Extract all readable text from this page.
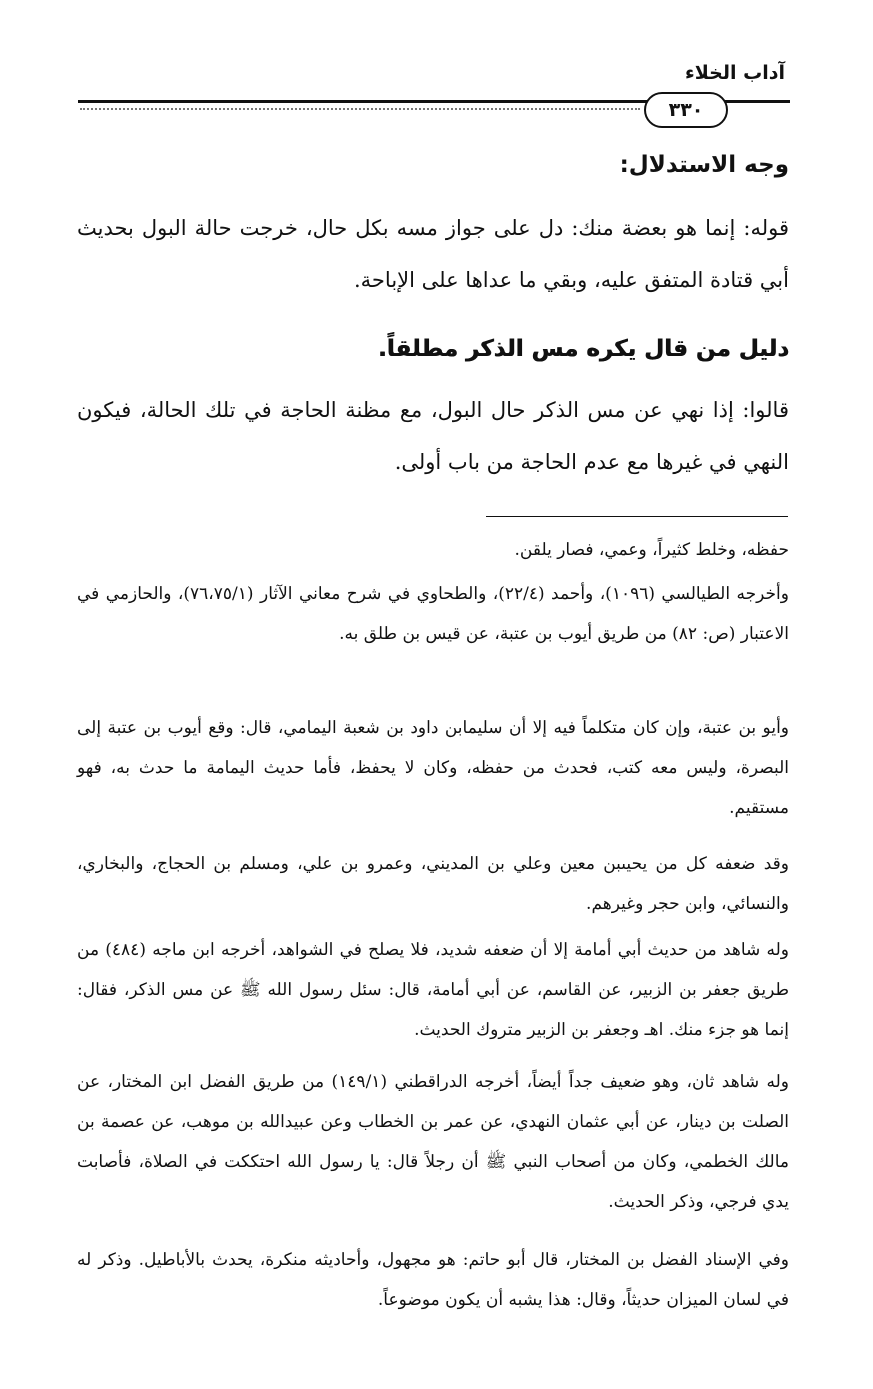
آداب الخلاء
٣٣٠
وجه الاستدلال:
قوله: إنما هو بعضة منك: دل على جواز مسه بكل حال، خرجت حالة البول بحديث أبي قتادة المتفق عليه، وبقي ما عداها على الإباحة.
دليل من قال يكره مس الذكر مطلقاً.
قالوا: إذا نهي عن مس الذكر حال البول، مع مظنة الحاجة في تلك الحالة، فيكون النهي في غيرها مع عدم الحاجة من باب أولى.
حفظه، وخلط كثيراً، وعمي، فصار يلقن.
وأخرجه الطيالسي (١٠٩٦)، وأحمد (٢٢/٤)، والطحاوي في شرح معاني الآثار (٧٦،٧٥/١)، والحازمي في الاعتبار (ص: ٨٢) من طريق أيوب بن عتبة، عن قيس بن طلق به.
وأيو بن عتبة، وإن كان متكلماً فيه إلا أن سليمابن داود بن شعبة اليمامي، قال: وقع أيوب بن عتبة إلى البصرة، وليس معه كتب، فحدث من حفظه، وكان لا يحفظ، فأما حديث اليمامة ما حدث به، فهو مستقيم.
وقد ضعفه كل من يحيىبن معين وعلي بن المديني، وعمرو بن علي، ومسلم بن الحجاج، والبخاري، والنسائي، وابن حجر وغيرهم.
وله شاهد من حديث أبي أمامة إلا أن ضعفه شديد، فلا يصلح في الشواهد، أخرجه ابن ماجه (٤٨٤) من طريق جعفر بن الزبير، عن القاسم، عن أبي أمامة، قال: سئل رسول الله ﷺ عن مس الذكر، فقال: إنما هو جزء منك. اهـ وجعفر بن الزبير متروك الحديث.
وله شاهد ثان، وهو ضعيف جداً أيضاً، أخرجه الدراقطني (١٤٩/١) من طريق الفضل ابن المختار، عن الصلت بن دينار، عن أبي عثمان النهدي، عن عمر بن الخطاب وعن عبيدالله بن موهب، عن عصمة بن مالك الخطمي، وكان من أصحاب النبي ﷺ أن رجلاً قال: يا رسول الله احتككت في الصلاة، فأصابت يدي فرجي، وذكر الحديث.
وفي الإسناد الفضل بن المختار، قال أبو حاتم: هو مجهول، وأحاديثه منكرة، يحدث بالأباطيل. وذكر له في لسان الميزان حديثاً، وقال: هذا يشبه أن يكون موضوعاً.
